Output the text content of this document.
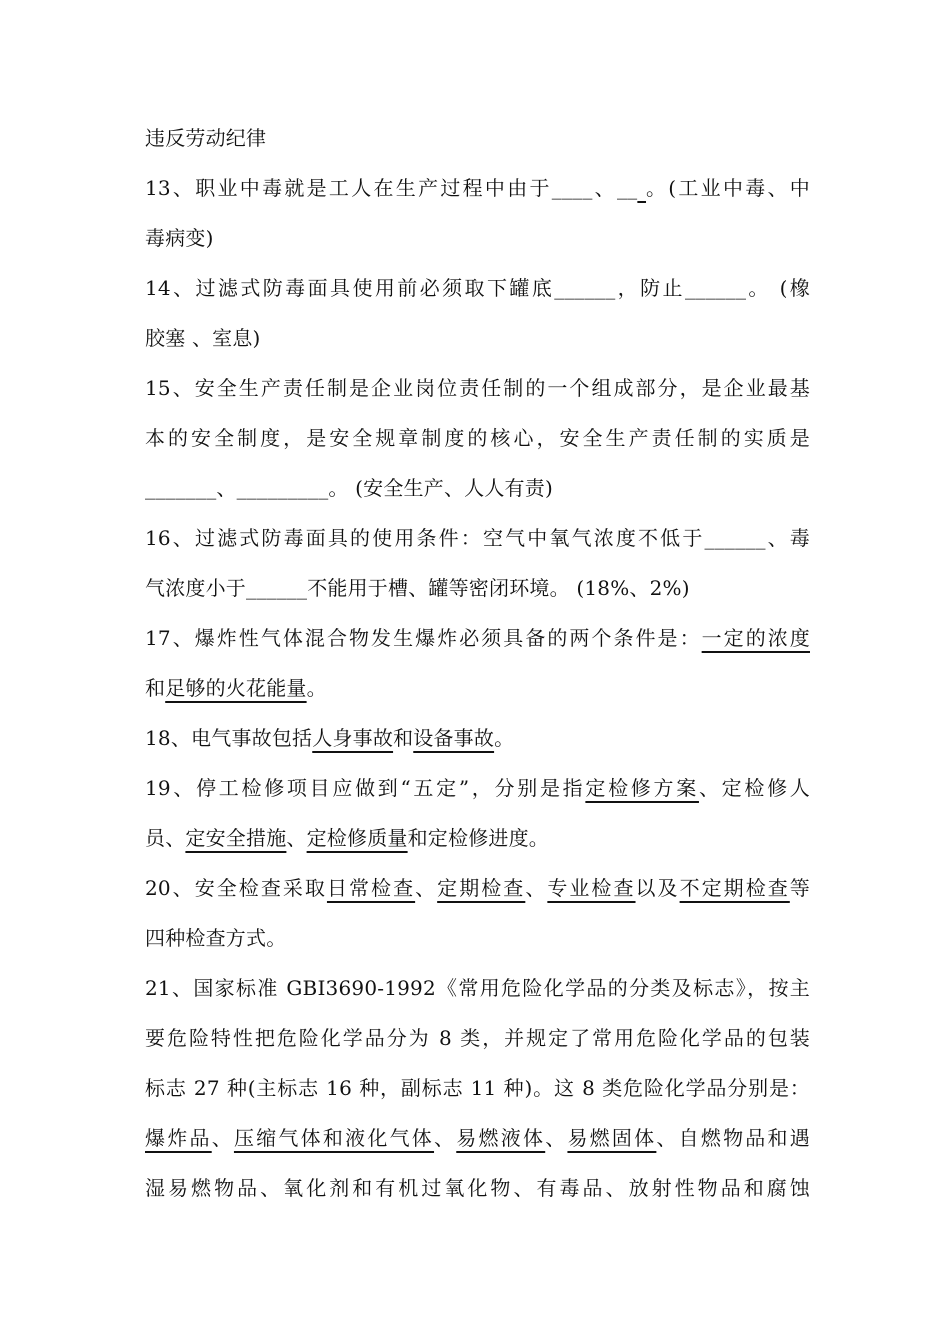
违反劳动纪律
13、职业中毒就是工人在生产过程中由于____、__ 。(工业中毒、中
毒病变)
14、过滤式防毒面具使用前必须取下罐底______，防止______。 (橡
胶塞 、室息)
15、安全生产责任制是企业岗位责任制的一个组成部分，是企业最基
本的安全制度，是安全规章制度的核心，安全生产责任制的实质是
_______、_________。 (安全生产、人人有责)
16、过滤式防毒面具的使用条件：空气中氧气浓度不低于______、毒
气浓度小于______不能用于槽、罐等密闭环境。 (18%、2%)
17、爆炸性气体混合物发生爆炸必须具备的两个条件是：一定的浓度
和足够的火花能量。
18、电气事故包括人身事故和设备事故。
19、停工检修项目应做到“五定”，分别是指定检修方案、定检修人
员、定安全措施、定检修质量和定检修进度。
20、安全检查采取日常检查、定期检查、专业检查以及不定期检查等
四种检查方式。
21、国家标准 GBI3690-1992《常用危险化学品的分类及标志》，按主
要危险特性把危险化学品分为 8 类，并规定了常用危险化学品的包装
标志 27 种(主标志 16 种，副标志 11 种)。这 8 类危险化学品分别是：
爆炸品、压缩气体和液化气体、易燃液体、易燃固体、自燃物品和遇
湿易燃物品、氧化剂和有机过氧化物、有毒品、放射性物品和腐蚀
